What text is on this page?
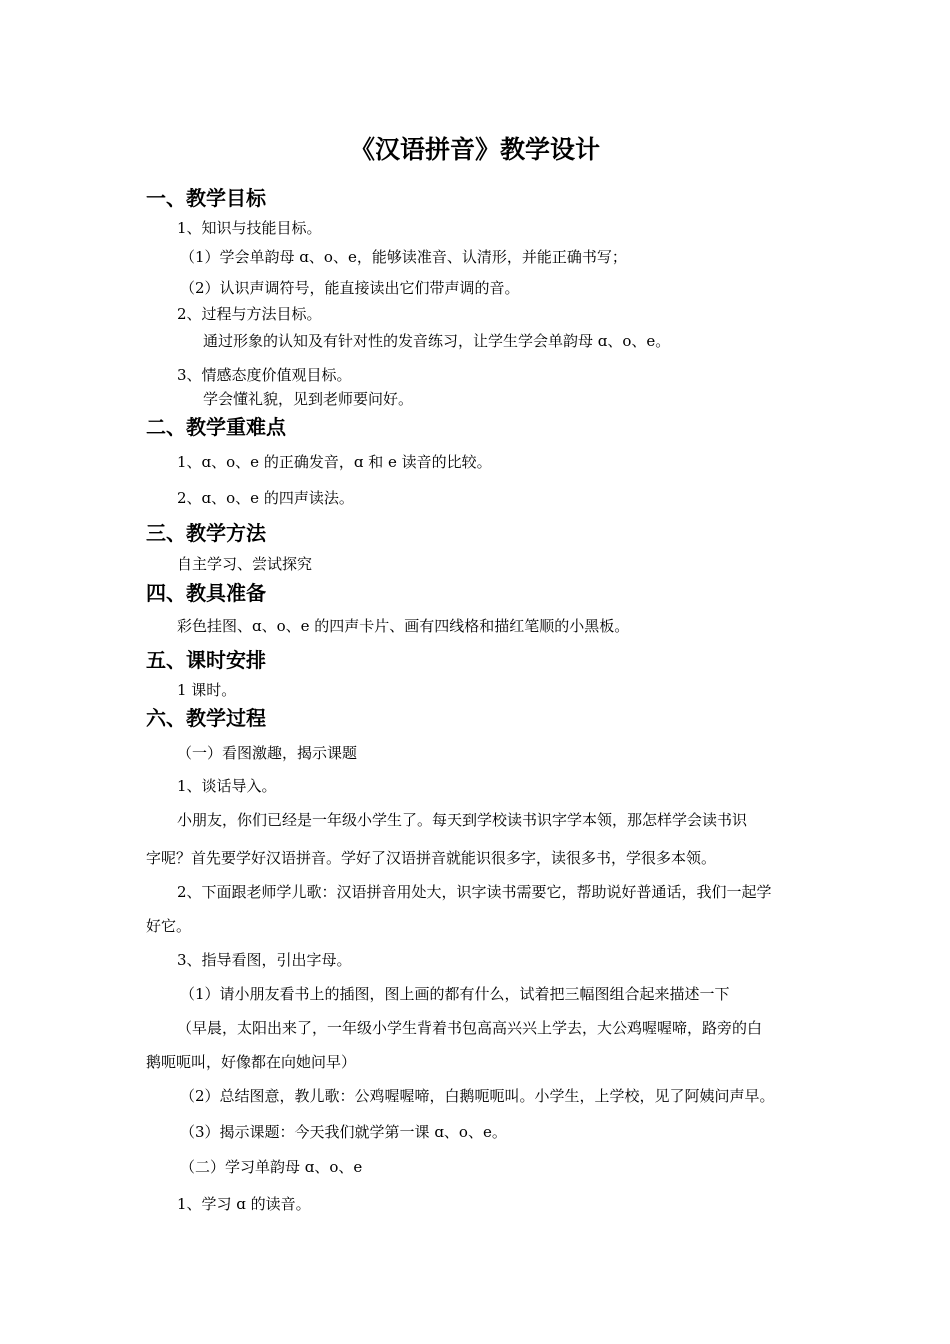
《汉语拼音》教学设计
一、教学目标
1、知识与技能目标。
（1）学会单韵母 ɑ、o、e，能够读准音、认清形，并能正确书写；
（2）认识声调符号，能直接读出它们带声调的音。
2、过程与方法目标。
通过形象的认知及有针对性的发音练习，让学生学会单韵母 ɑ、o、e。
3、情感态度价值观目标。
学会懂礼貌，见到老师要问好。
二、教学重难点
1、ɑ、o、e 的正确发音，ɑ 和 e 读音的比较。
2、ɑ、o、e 的四声读法。
三、教学方法
自主学习、尝试探究
四、教具准备
彩色挂图、ɑ、o、e 的四声卡片、画有四线格和描红笔顺的小黑板。
五、课时安排
1 课时。
六、教学过程
（一）看图激趣，揭示课题
1、谈话导入。
小朋友，你们已经是一年级小学生了。每天到学校读书识字学本领，那怎样学会读书识
字呢？首先要学好汉语拼音。学好了汉语拼音就能识很多字，读很多书，学很多本领。
2、下面跟老师学儿歌：汉语拼音用处大，识字读书需要它，帮助说好普通话，我们一起学
好它。
3、指导看图，引出字母。
（1）请小朋友看书上的插图，图上画的都有什么，试着把三幅图组合起来描述一下
（早晨，太阳出来了，一年级小学生背着书包高高兴兴上学去，大公鸡喔喔啼，路旁的白
鹅呃呃叫，好像都在向她问早）
（2）总结图意，教儿歌：公鸡喔喔啼，白鹅呃呃叫。小学生，上学校，见了阿姨问声早。
（3）揭示课题：今天我们就学第一课 ɑ、o、e。
（二）学习单韵母 ɑ、o、e
1、学习 ɑ 的读音。
